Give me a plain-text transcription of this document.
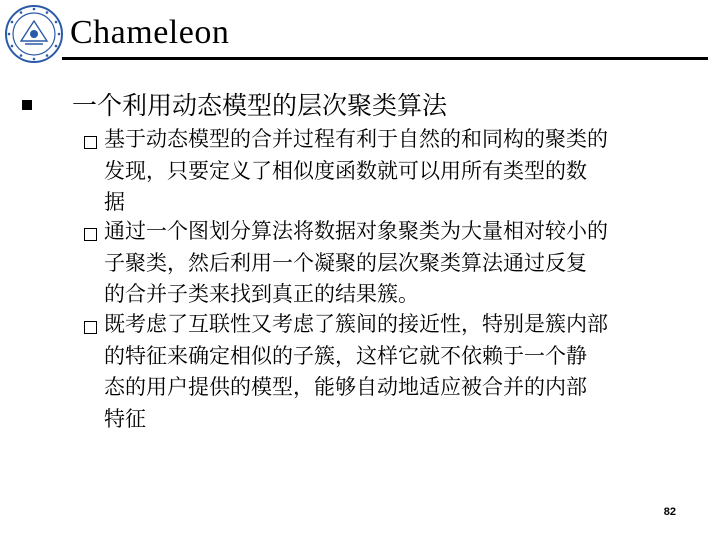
Chameleon
一个利用动态模型的层次聚类算法
基于动态模型的合并过程有利于自然的和同构的聚类的
发现，只要定义了相似度函数就可以用所有类型的数
据
通过一个图划分算法将数据对象聚类为大量相对较小的
子聚类，然后利用一个凝聚的层次聚类算法通过反复
的合并子类来找到真正的结果簇。
既考虑了互联性又考虑了簇间的接近性，特别是簇内部
的特征来确定相似的子簇，这样它就不依赖于一个静
态的用户提供的模型，能够自动地适应被合并的内部
特征
82
